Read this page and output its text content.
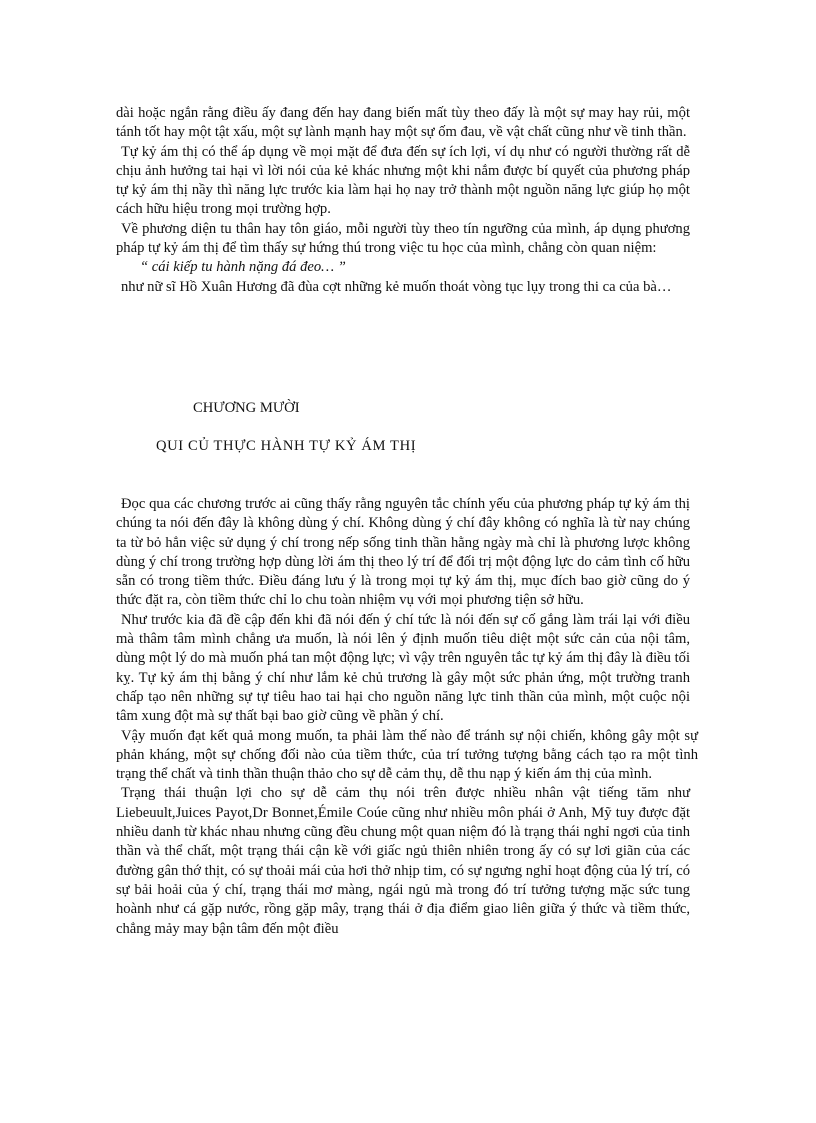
dài hoặc ngắn rằng điều ấy đang đến hay đang biến mất tùy theo đấy là một sự may hay rủi, một tánh tốt hay một tật xấu, một sự lành mạnh hay một sự ốm đau, về vật chất cũng như về tinh thần.

Tự kỷ ám thị có thể áp dụng về mọi mặt để đưa đến sự ích lợi, ví dụ như có người thường rất dễ chịu ảnh hưởng tai hại vì lời nói của kẻ khác nhưng một khi nắm được bí quyết của phương pháp tự kỷ ám thị nầy thì năng lực trước kia làm hại họ nay trở thành một nguồn năng lực giúp họ một cách hữu hiệu trong mọi trường hợp.

Về phương diện tu thân hay tôn giáo, mỗi người tùy theo tín ngưỡng của mình, áp dụng phương pháp tự kỷ ám thị để tìm thấy sự hứng thú trong việc tu học của mình, chẳng còn quan niệm:

“ cái kiếp tu hành nặng đá đeo… ”

như nữ sĩ Hồ Xuân Hương đã đùa cợt những kẻ muốn thoát vòng tục lụy trong thi ca của bà…

CHƯƠNG MƯỜI
QUI CỦ THỰC HÀNH TỰ KỶ ÁM THỊ

Đọc qua các chương trước ai cũng thấy rằng nguyên tắc chính yếu của phương pháp tự kỷ ám thị chúng ta nói đến đây là không dùng ý chí. Không dùng ý chí đây không có nghĩa là từ nay chúng ta từ bỏ hẳn việc sử dụng ý chí trong nếp sống tinh thần hằng ngày mà chỉ là phương lược không dùng ý chí trong trường hợp dùng lời ám thị theo lý trí để đối trị một động lực do cảm tình cố hữu sẵn có trong tiềm thức. Điều đáng lưu ý là trong mọi tự kỷ ám thị, mục đích bao giờ cũng do ý thức đặt ra, còn tiềm thức chỉ lo chu toàn nhiệm vụ với mọi phương tiện sở hữu.

Như trước kia đã đề cập đến khi đã nói đến ý chí tức là nói đến sự cố gắng làm trái lại với điều mà thâm tâm mình chẳng ưa muốn, là nói lên ý định muốn tiêu diệt một sức cản của nội tâm, dùng một lý do mà muốn phá tan một động lực; vì vậy trên nguyên tắc tự kỷ ám thị đây là điều tối kỵ. Tự kỷ ám thị bằng ý chí như lắm kẻ chủ trương là gây một sức phản ứng, một trường tranh chấp tạo nên những sự tự tiêu hao tai hại cho nguồn năng lực tinh thần của mình, một cuộc nội tâm xung đột mà sự thất bại bao giờ cũng về phần ý chí.

Vậy muốn đạt kết quả mong muốn, ta phải làm thế nào để tránh sự nội chiến, không gây một sự phản kháng, một sự chống đối nào của tiềm thức, của trí tưởng tượng bằng cách tạo ra một tình trạng thể chất và tinh thần thuận thảo cho sự dễ cảm thụ, dễ thu nạp ý kiến ám thị của mình.

Trạng thái thuận lợi cho sự dễ cảm thụ nói trên được nhiều nhân vật tiếng tăm như Liebeuult,Juices Payot,Dr Bonnet,Émile Coúe cũng như nhiều môn phái ở Anh, Mỹ tuy được đặt nhiều danh từ khác nhau nhưng cũng đều chung một quan niệm đó là trạng thái nghỉ ngơi của tinh thần và thể chất, một trạng thái cận kề với giấc ngủ thiên nhiên trong ấy có sự lơi giãn của các đường gân thớ thịt, có sự thoải mái của hơi thở nhịp tim, có sự ngưng nghỉ hoạt động của lý trí, có sự bải hoải của ý chí, trạng thái mơ màng, ngái ngủ mà trong đó trí tưởng tượng mặc sức tung hoành như cá gặp nước, rồng gặp mây, trạng thái ở địa điểm giao liên giữa ý thức và tiềm thức, chẳng mảy may bận tâm đến một điều
